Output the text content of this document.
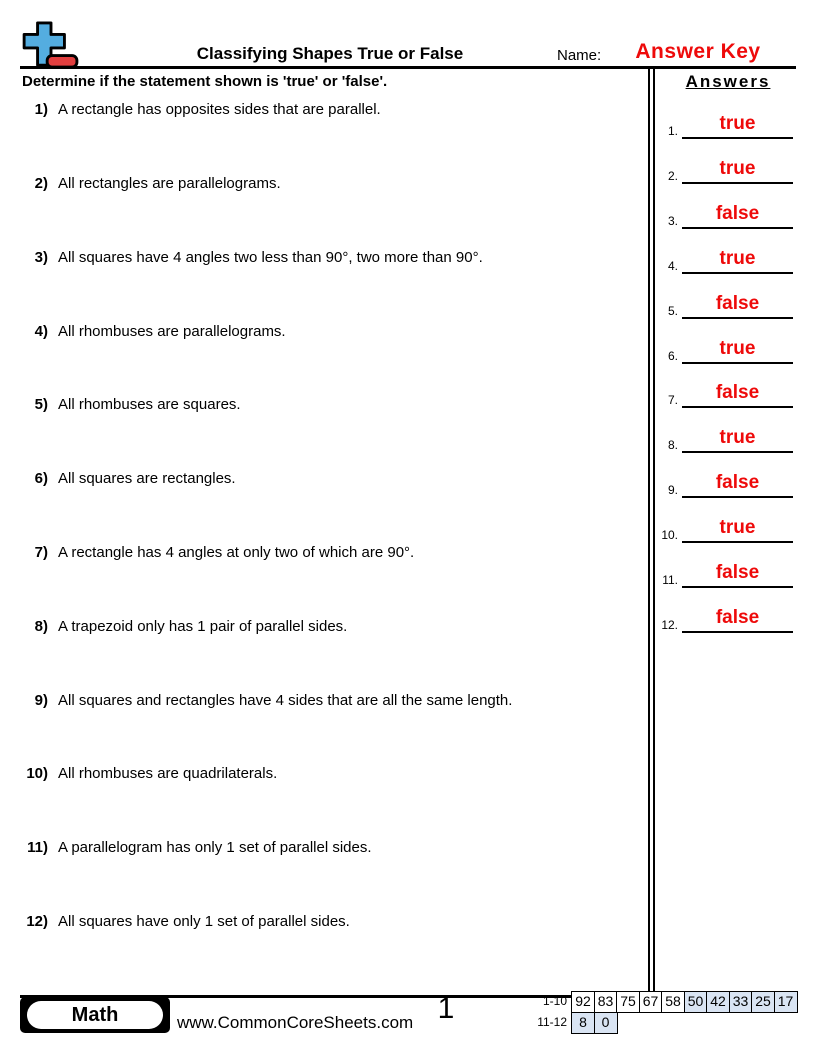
Classifying Shapes True or False	Name:	Answer Key
Determine if the statement shown is 'true' or 'false'.
1) A rectangle has opposites sides that are parallel.
2) All rectangles are parallelograms.
3) All squares have 4 angles two less than 90°, two more than 90°.
4) All rhombuses are parallelograms.
5) All rhombuses are squares.
6) All squares are rectangles.
7) A rectangle has 4 angles at only two of which are 90°.
8) A trapezoid only has 1 pair of parallel sides.
9) All squares and rectangles have 4 sides that are all the same length.
10) All rhombuses are quadrilaterals.
11) A parallelogram has only 1 set of parallel sides.
12) All squares have only 1 set of parallel sides.
Answers
1.	true
2.	true
3.	false
4.	true
5.	false
6.	true
7.	false
8.	true
9.	false
10.	true
11.	false
12.	false
Math	www.CommonCoreSheets.com 1	1-10 92 83 75 67 58 50 42 33 25 17
11-12 8	0
